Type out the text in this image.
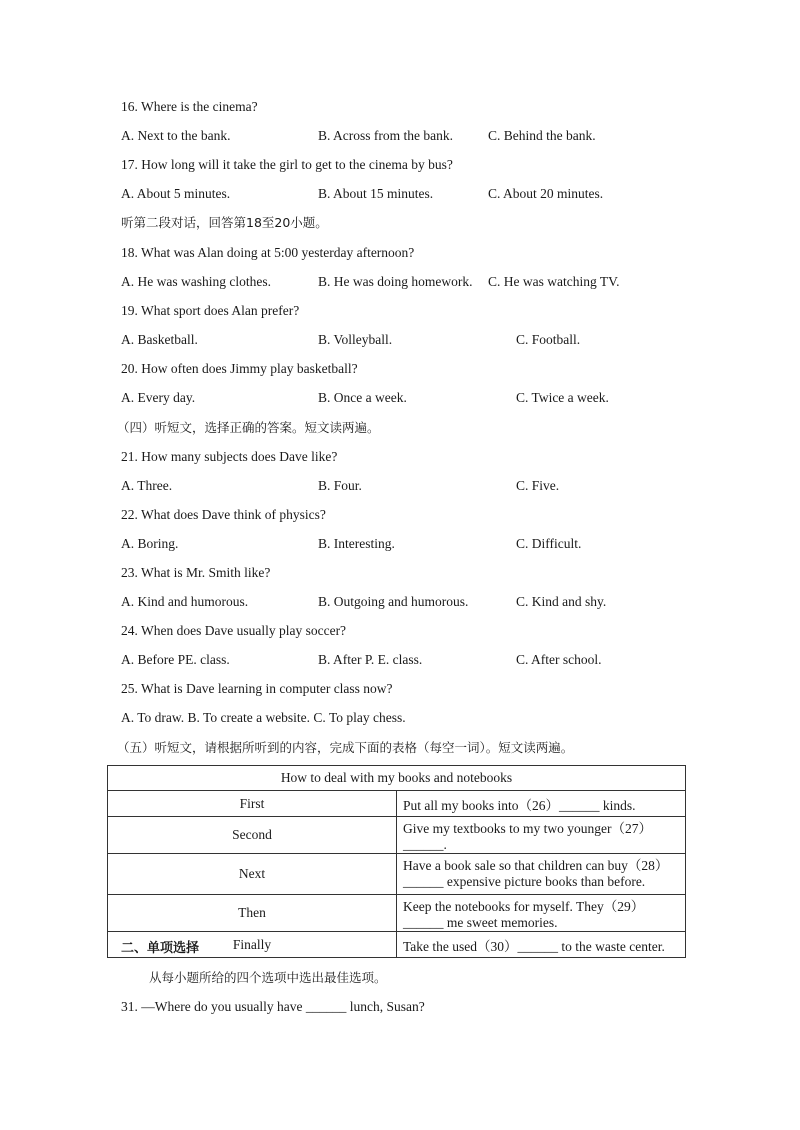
16. Where is the cinema?
A. Next to the bank.	B. Across from the bank.	C. Behind the bank.
17. How long will it take the girl to get to the cinema by bus?
A. About 5 minutes.	B. About 15 minutes.	C. About 20 minutes.
听第二段对话，回答第18至20小题。
18. What was Alan doing at 5:00 yesterday afternoon?
A. He was washing clothes.	B. He was doing homework. C. He was watching TV.
19. What sport does Alan prefer?
A. Basketball.	B. Volleyball.	C. Football.
20. How often does Jimmy play basketball?
A. Every day.	B. Once a week.	C. Twice a week.
（四）听短文，选择正确的答案。短文读两遍。
21. How many subjects does Dave like?
A. Three.	B. Four.	C. Five.
22. What does Dave think of physics?
A. Boring.	B. Interesting.	C. Difficult.
23. What is Mr. Smith like?
A. Kind and humorous.	B. Outgoing and humorous.	C. Kind and shy.
24. When does Dave usually play soccer?
A. Before PE. class.	B. After P. E. class.	C. After school.
25. What is Dave learning in computer class now?
A. To draw. B. To create a website. C. To play chess.
（五）听短文，请根据所听到的内容，完成下面的表格（每空一词）。短文读两遍。
How to deal with my books and notebooks	
First	Put all my books into（26）______ kinds.
Second	Give my textbooks to my two younger（27）______.
Next	Have a book sale so that children can buy（28）______ expensive picture books than before.
Then	Keep the notebooks for myself. They（29）______ me sweet memories.
Finally	Take the used（30）______ to the waste center.
二、单项选择
从每小题所给的四个选项中选出最佳选项。
31. —Where do you usually have ______ lunch, Susan?
